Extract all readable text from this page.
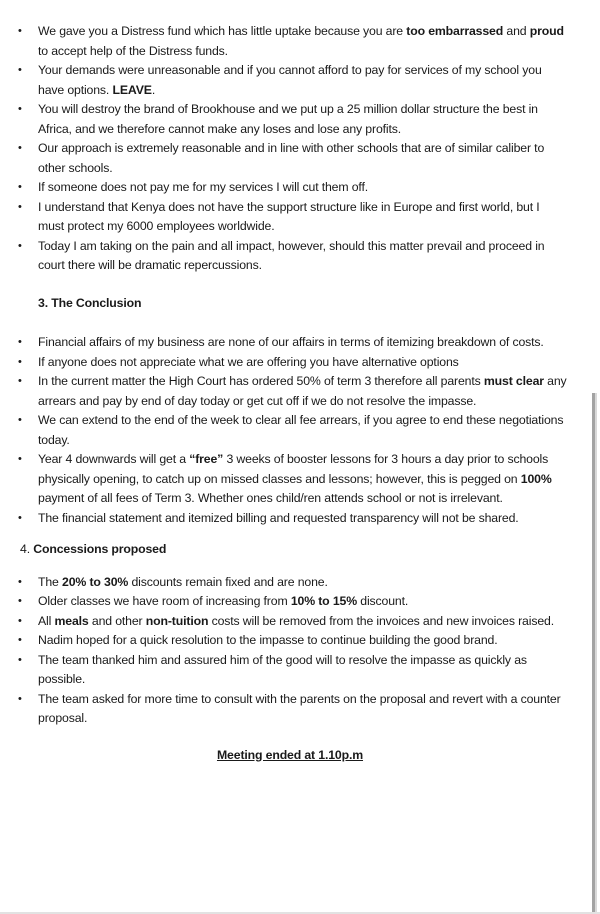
• We gave you a Distress fund which has little uptake because you are too embarrassed and proud to accept help of the Distress funds.
• Your demands were unreasonable and if you cannot afford to pay for services of my school you have options. LEAVE.
• You will destroy the brand of Brookhouse and we put up a 25 million dollar structure the best in Africa, and we therefore cannot make any loses and lose any profits.
• Our approach is extremely reasonable and in line with other schools that are of similar caliber to other schools.
• If someone does not pay me for my services I will cut them off.
• I understand that Kenya does not have the support structure like in Europe and first world, but I must protect my 6000 employees worldwide.
• Today I am taking on the pain and all impact, however, should this matter prevail and proceed in court there will be dramatic repercussions.
3. The Conclusion
• Financial affairs of my business are none of our affairs in terms of itemizing breakdown of costs.
• If anyone does not appreciate what we are offering you have alternative options
• In the current matter the High Court has ordered 50% of term 3 therefore all parents must clear any arrears and pay by end of day today or get cut off if we do not resolve the impasse.
• We can extend to the end of the week to clear all fee arrears, if you agree to end these negotiations today.
• Year 4 downwards will get a “free” 3 weeks of booster lessons for 3 hours a day prior to schools physically opening, to catch up on missed classes and lessons; however, this is pegged on 100% payment of all fees of Term 3. Whether ones child/ren attends school or not is irrelevant.
• The financial statement and itemized billing and requested transparency will not be shared.
4. Concessions proposed
• The 20% to 30% discounts remain fixed and are none.
• Older classes we have room of increasing from 10% to 15% discount.
• All meals and other non-tuition costs will be removed from the invoices and new invoices raised.
• Nadim hoped for a quick resolution to the impasse to continue building the good brand.
• The team thanked him and assured him of the good will to resolve the impasse as quickly as possible.
• The team asked for more time to consult with the parents on the proposal and revert with a counter proposal.
Meeting ended at 1.10p.m
